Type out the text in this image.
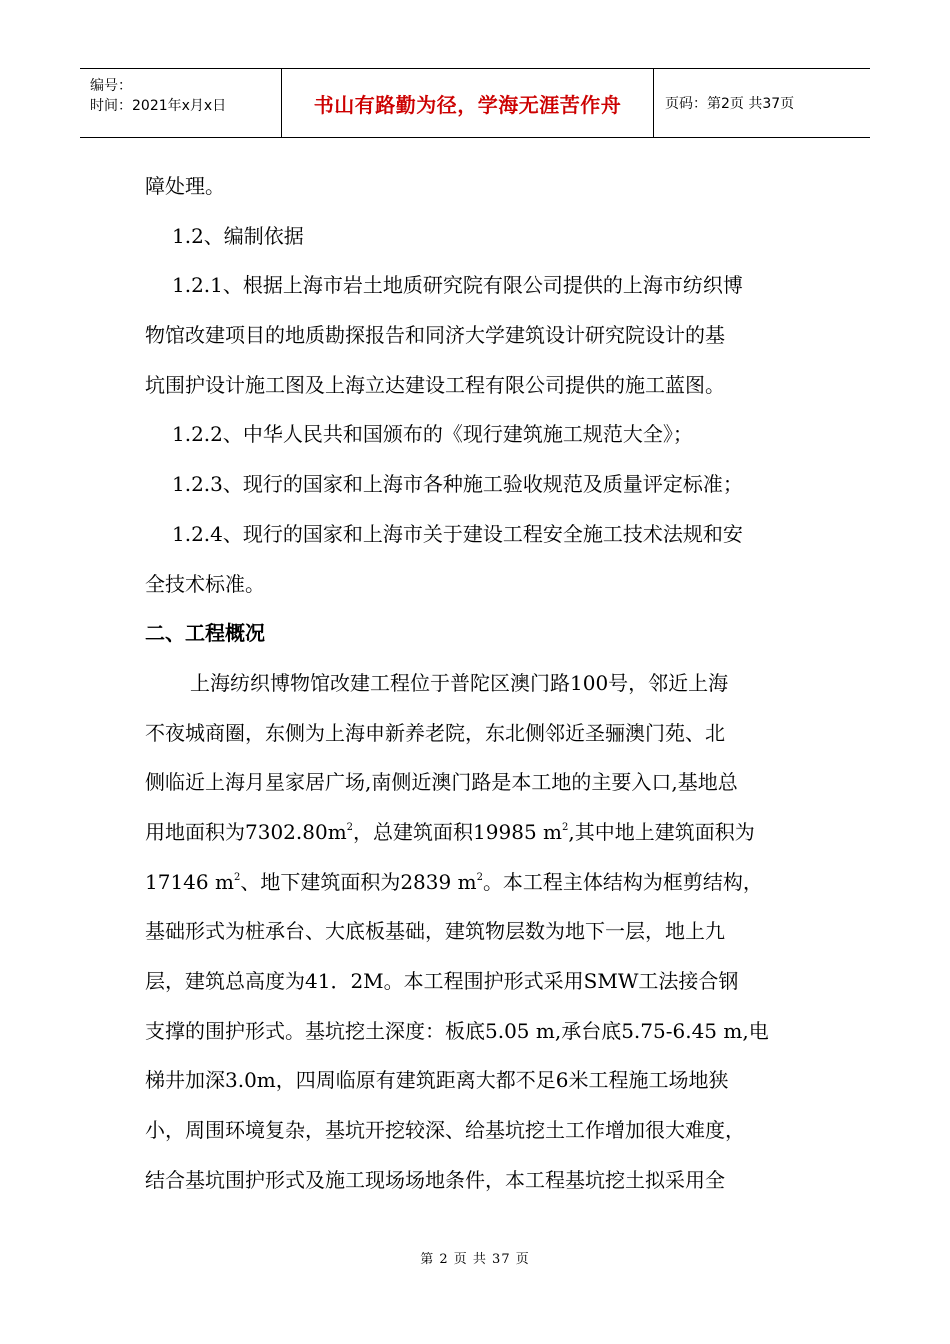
编号：
时间：2021年x月x日	书山有路勤为径，学海无涯苦作舟	页码：第2页 共37页

障处理。

1.2、编制依据

1.2.1、根据上海市岩土地质研究院有限公司提供的上海市纺织博

物馆改建项目的地质勘探报告和同济大学建筑设计研究院设计的基

坑围护设计施工图及上海立达建设工程有限公司提供的施工蓝图。

1.2.2、中华人民共和国颁布的《现行建筑施工规范大全》；

1.2.3、现行的国家和上海市各种施工验收规范及质量评定标准；

1.2.4、现行的国家和上海市关于建设工程安全施工技术法规和安

全技术标准。

二、工程概况

上海纺织博物馆改建工程位于普陀区澳门路100号，邻近上海

不夜城商圈，东侧为上海申新养老院，东北侧邻近圣骊澳门苑、北

侧临近上海月星家居广场,南侧近澳门路是本工地的主要入口,基地总

用地面积为$7302.80m^2$，总建筑面积19985 $m^2$,其中地上建筑面积为

17146 $m^2$、地下建筑面积为2839 $m^2$。本工程主体结构为框剪结构，

基础形式为桩承台、大底板基础，建筑物层数为地下一层，地上九

层，建筑总高度为41．2M。本工程围护形式采用SMW工法接合钢

支撑的围护形式。基坑挖土深度：板底5.05 m,承台底5.75-6.45 m,电

梯井加深3.0m，四周临原有建筑距离大都不足6米工程施工场地狭

小，周围环境复杂，基坑开挖较深、给基坑挖土工作增加很大难度，

结合基坑围护形式及施工现场场地条件，本工程基坑挖土拟采用全

第 2 页 共 37 页
